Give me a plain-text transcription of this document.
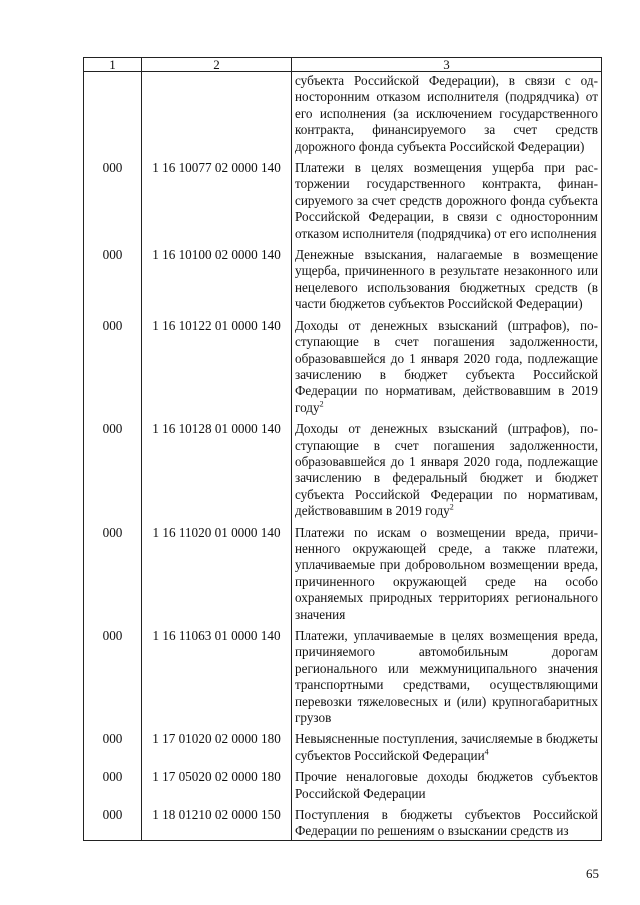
1	2	3
		субъекта Российской Федерации), в связи с односторонним отказом исполнителя (подрядчика) от его исполнения (за исключением государственного контракта, финансируемого за счет средств дорожного фонда субъекта Российской Федерации)
000	1 16 10077 02 0000 140	Платежи в целях возмещения ущерба при расторжении государственного контракта, финансируемого за счет средств дорожного фонда субъекта Российской Федерации, в связи с односторонним отказом исполнителя (подрядчика) от его исполнения
000	1 16 10100 02 0000 140	Денежные взыскания, налагаемые в возмещение ущерба, причиненного в результате незаконного или нецелевого использования бюджетных средств (в части бюджетов субъектов Российской Федерации)
000	1 16 10122 01 0000 140	Доходы от денежных взысканий (штрафов), поступающие в счет погашения задолженности, образовавшейся до 1 января 2020 года, подлежащие зачислению в бюджет субъекта Российской Федерации по нормативам, действовавшим в 2019 году$^2$
000	1 16 10128 01 0000 140	Доходы от денежных взысканий (штрафов), поступающие в счет погашения задолженности, образовавшейся до 1 января 2020 года, подлежащие зачислению в федеральный бюджет и бюджет субъекта Российской Федерации по нормативам, действовавшим в 2019 году$^2$
000	1 16 11020 01 0000 140	Платежи по искам о возмещении вреда, причиненного окружающей среде, а также платежи, уплачиваемые при добровольном возмещении вреда, причиненного окружающей среде на особо охраняемых природных территориях регионального значения
000	1 16 11063 01 0000 140	Платежи, уплачиваемые в целях возмещения вреда, причиняемого автомобильным дорогам регионального или межмуниципального значения транспортными средствами, осуществляющими перевозки тяжеловесных и (или) крупногабаритных грузов
000	1 17 01020 02 0000 180	Невыясненные поступления, зачисляемые в бюджеты субъектов Российской Федерации$^4$
000	1 17 05020 02 0000 180	Прочие неналоговые доходы бюджетов субъектов Российской Федерации
000	1 18 01210 02 0000 150	Поступления в бюджеты субъектов Российской Федерации по решениям о взыскании средств из
65
